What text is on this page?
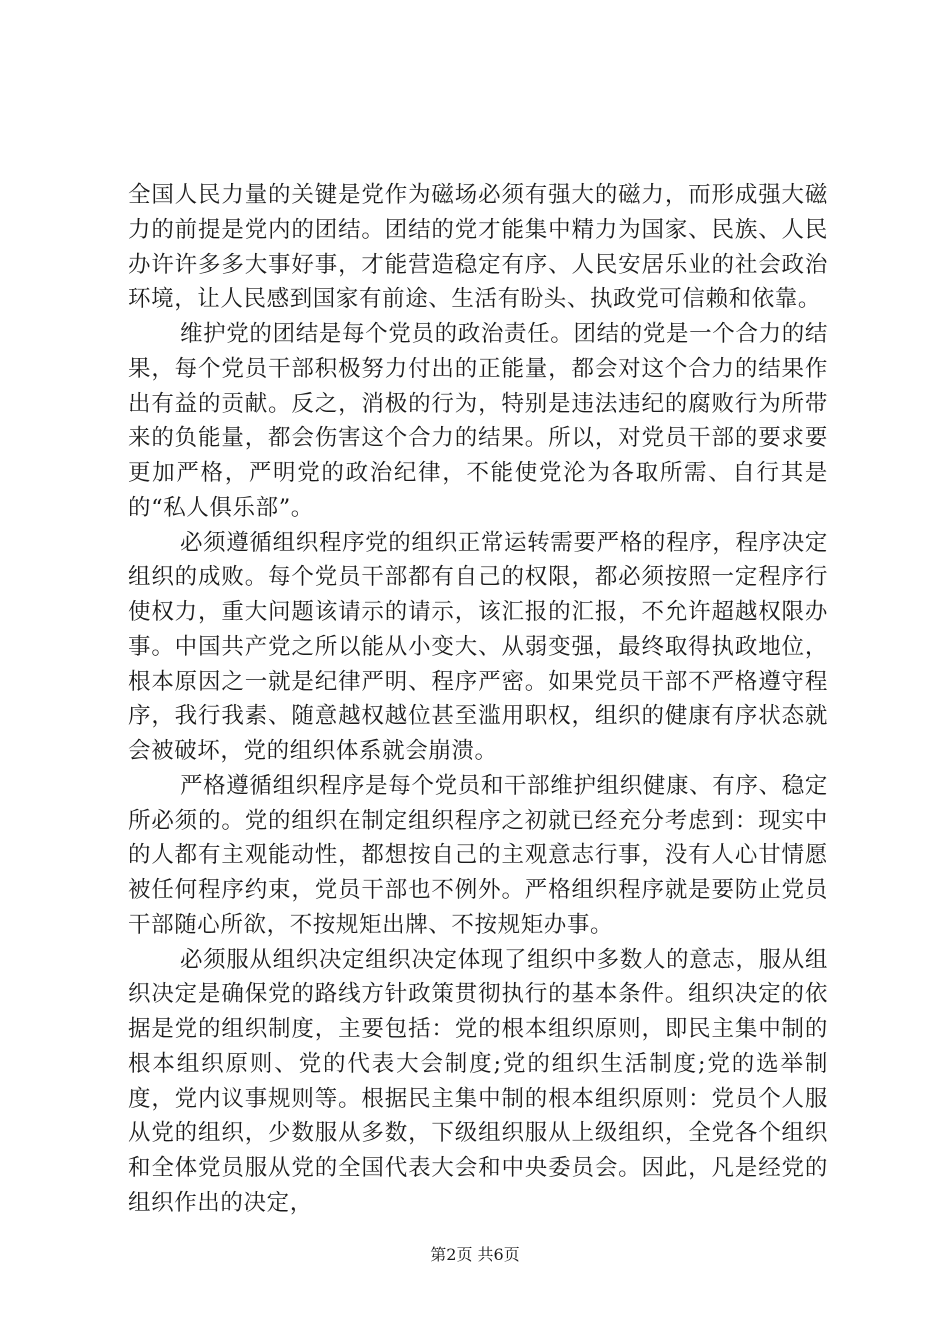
全国人民力量的关键是党作为磁场必须有强大的磁力，而形成强大磁力的前提是党内的团结。团结的党才能集中精力为国家、民族、人民办许许多多大事好事，才能营造稳定有序、人民安居乐业的社会政治环境，让人民感到国家有前途、生活有盼头、执政党可信赖和依靠。

维护党的团结是每个党员的政治责任。团结的党是一个合力的结果，每个党员干部积极努力付出的正能量，都会对这个合力的结果作出有益的贡献。反之，消极的行为，特别是违法违纪的腐败行为所带来的负能量，都会伤害这个合力的结果。所以，对党员干部的要求要更加严格，严明党的政治纪律，不能使党沦为各取所需、自行其是的“私人俱乐部”。

必须遵循组织程序党的组织正常运转需要严格的程序，程序决定组织的成败。每个党员干部都有自己的权限，都必须按照一定程序行使权力，重大问题该请示的请示，该汇报的汇报，不允许超越权限办事。中国共产党之所以能从小变大、从弱变强，最终取得执政地位，根本原因之一就是纪律严明、程序严密。如果党员干部不严格遵守程序，我行我素、随意越权越位甚至滥用职权，组织的健康有序状态就会被破坏，党的组织体系就会崩溃。

严格遵循组织程序是每个党员和干部维护组织健康、有序、稳定所必须的。党的组织在制定组织程序之初就已经充分考虑到：现实中的人都有主观能动性，都想按自己的主观意志行事，没有人心甘情愿被任何程序约束，党员干部也不例外。严格组织程序就是要防止党员干部随心所欲，不按规矩出牌、不按规矩办事。

必须服从组织决定组织决定体现了组织中多数人的意志，服从组织决定是确保党的路线方针政策贯彻执行的基本条件。组织决定的依据是党的组织制度，主要包括：党的根本组织原则，即民主集中制的根本组织原则、党的代表大会制度;党的组织生活制度;党的选举制度，党内议事规则等。根据民主集中制的根本组织原则：党员个人服从党的组织，少数服从多数，下级组织服从上级组织，全党各个组织和全体党员服从党的全国代表大会和中央委员会。因此，凡是经党的组织作出的决定，

第2页 共6页
